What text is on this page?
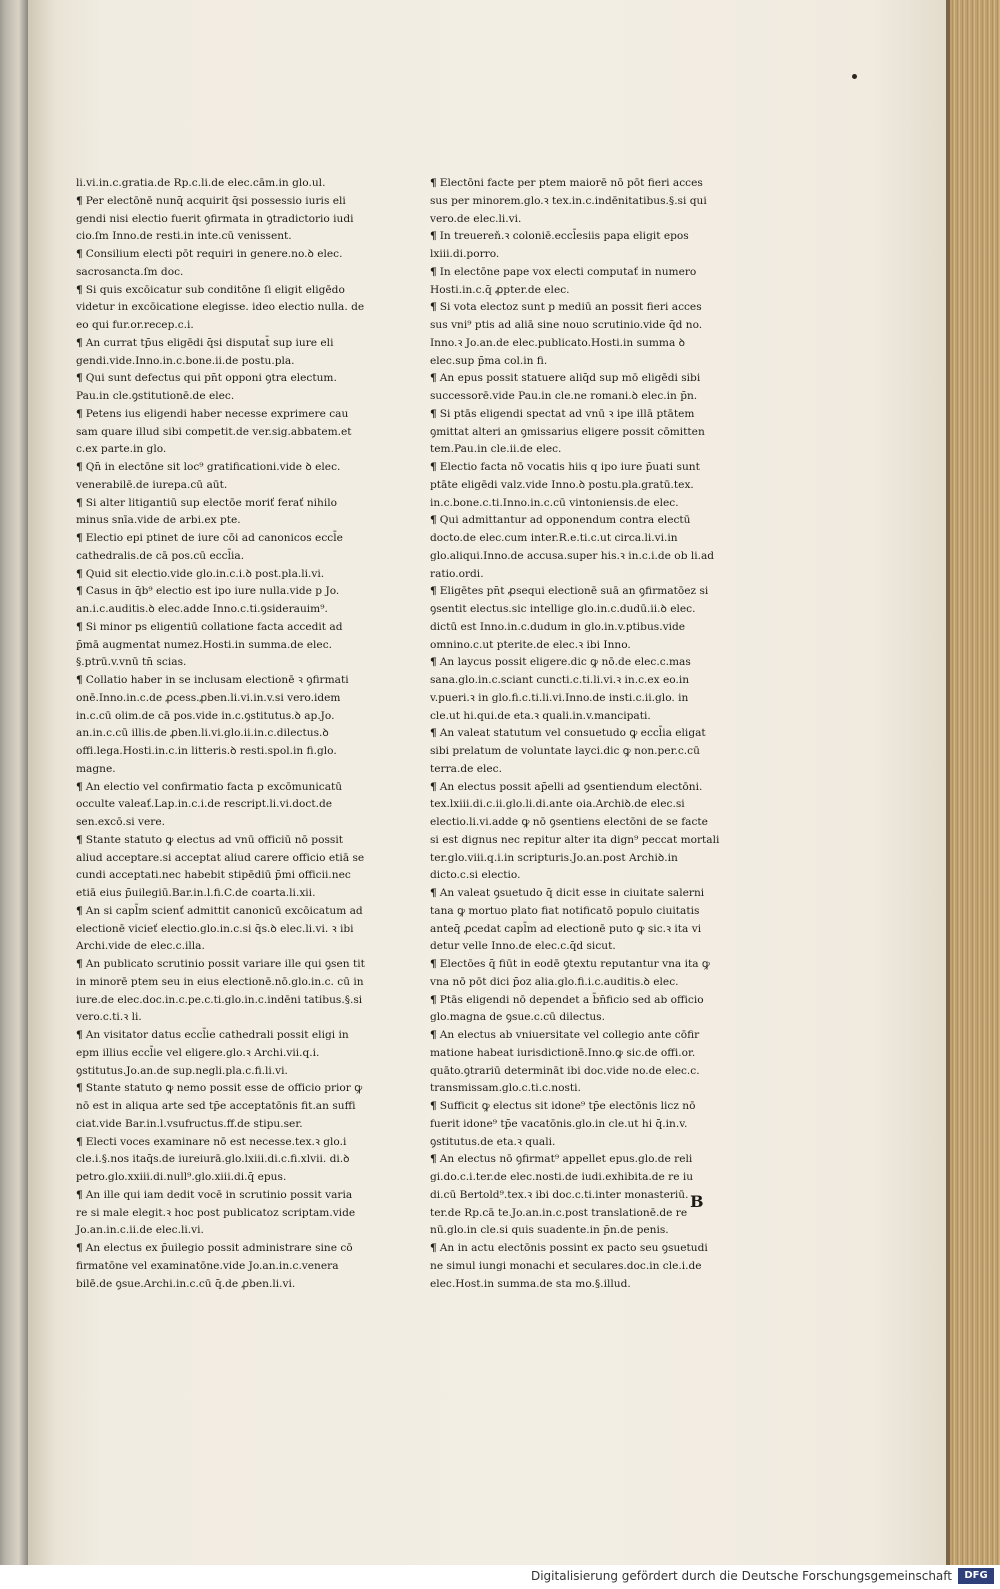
li.vi.in.c.gratia.de Rp.c.li.de elec.cām.in glo.ul.

¶ Per electōnē nunq̄ acquirit q̄si possessio iuris eli gendi nisi electio fuerit ꝯfirmata in ꝯtradictorio iudi cio.ſm Inno.de resti.in inte.cū venissent.

¶ Consilium electi pōt requiri in genere.no.ꝺ elec. sacrosancta.ſm doc.

¶ Si quis excōicatur sub conditōne ſi eligit eligēdo videtur in excōicatione elegisse. ideo electio nulla. de eo qui fur.or.recep.c.i.

¶ An currat tp̄us eligēdi q̄si disputat̄ sup iure eli gendi.vide.Inno.in.c.bone.ii.de postu.pla.

¶ Qui sunt defectus qui pn̄t opponi ꝯtra electum. Pau.in cle.ꝯstitutionē.de elec.

¶ Petens ius eligendi haber necesse exprimere cau sam quare illud sibi competit.de ver.sig.abbatem.et c.ex parte.in glo.

¶ Qn̄ in electōne sit loc⁹ gratificationi.vide ꝺ elec. venerabilē.de iurepa.cū aūt.

¶ Si alter litigantiū sup electōe moriť ferať nihilo minus snīa.vide de arbi.ex pte.

¶ Electio epi ptinet de iure cōi ad canonicos eccl̄e cathedralis.de cā pos.cū eccl̄ia.

¶ Quid sit electio.vide glo.in.c.i.ꝺ post.pla.li.vi.

¶ Casus in q̄b⁹ electio est ipo iure nulla.vide p Jo. an.i.c.auditis.ꝺ elec.adde Inno.c.ti.ꝯsiderauim⁹.

¶ Si minor ps eligentiū collatione facta accedit ad p̄mā augmentat numez.Hosti.in summa.de elec. §.ptrū.v.vnū tn̄ scias.

¶ Collatio haber in se inclusam electionē ꝛ ꝯfirmati onē.Inno.in.c.de ꝓcess.ꝓben.li.vi.in.v.si vero.idem in.c.cū olim.de cā pos.vide in.c.ꝯstitutus.ꝺ ap.Jo. an.in.c.cū illis.de ꝓben.li.vi.glo.ii.in.c.dilectus.ꝺ offi.lega.Hosti.in.c.in litteris.ꝺ resti.spol.in fi.glo. magne.

¶ An electio vel confirmatio facta p excōmunicatū occulte valeať.Lap.in.c.i.de rescript.li.vi.doct.de sen.excō.si vere.

¶ Stante statuto ꝙ electus ad vnū officiū nō possit aliud acceptare.si acceptat aliud carere officio etiā se cundi acceptati.nec habebit stipēdiū p̄mi officii.nec etiā eius p̄uilegiū.Bar.in.l.fi.C.de coarta.li.xii.

¶ An si capl̄m scienť admittit canonicū excōicatum ad electionē vicieť electio.glo.in.c.si q̄s.ꝺ elec.li.vi. ꝛ ibi Archi.vide de elec.c.illa.

¶ An publicato scrutinio possit variare ille qui ꝯsen tit in minorē ptem seu in eius electionē.nō.glo.in.c. cū in iure.de elec.doc.in.c.pe.c.ti.glo.in.c.indēni tatibus.§.si vero.c.ti.ꝛ li.

¶ An visitator datus eccl̄ie cathedrali possit eligi in epm illius eccl̄ie vel eligere.glo.ꝛ Archi.vii.q.i. ꝯstitutus.Jo.an.de sup.negli.pla.c.fi.li.vi.

¶ Stante statuto ꝙ nemo possit esse de officio prior ꝙ nō est in aliqua arte sed tp̄e acceptatōnis fit.an suffi ciat.vide Bar.in.l.vsufructus.ff.de stipu.ser.

¶ Electi voces examinare nō est necesse.tex.ꝛ glo.i cle.i.§.nos itaq̄s.de iureiurā.glo.lxiii.di.c.fi.xlvii. di.ꝺ petro.glo.xxiii.di.null⁹.glo.xiii.di.q̄ epus.

¶ An ille qui iam dedit vocē in scrutinio possit varia re si male elegit.ꝛ hoc post publicatoz scriptam.vide Jo.an.in.c.ii.de elec.li.vi.

¶ An electus ex p̄uilegio possit administrare sine cō firmatōne vel examinatōne.vide Jo.an.in.c.venera bilē.de ꝯsue.Archi.in.c.cū q̄.de ꝓben.li.vi.

¶ Electōni facte per ptem maiorē nō pōt fieri acces sus per minorem.glo.ꝛ tex.in.c.indēnitatibus.§.si qui vero.de elec.li.vi.

¶ In treuereň.ꝛ coloniē.eccl̄esiis papa eligit epos lxiii.di.porro.

¶ In electōne pape vox electi computať in numero Hosti.in.c.q̄ ꝓpter.de elec.

¶ Si vota electoz sunt p mediū an possit fieri acces sus vni⁹ ptis ad aliā sine nouo scrutinio.vide q̄d no. Inno.ꝛ Jo.an.de elec.publicato.Hosti.in summa ꝺ elec.sup p̄ma col.in fi.

¶ An epus possit statuere aliq̄d sup mō eligēdi sibi successorē.vide Pau.in cle.ne romani.ꝺ elec.in p̄n.

¶ Si ptās eligendi spectat ad vnū ꝛ ipe illā ptātem ꝯmittat alteri an ꝯmissarius eligere possit cōmitten tem.Pau.in cle.ii.de elec.

¶ Electio facta nō vocatis hiis q ipo iure p̄uati sunt ptāte eligēdi valz.vide Inno.ꝺ postu.pla.gratū.tex. in.c.bone.c.ti.Inno.in.c.cū vintoniensis.de elec.

¶ Qui admittantur ad opponendum contra electū docto.de elec.cum inter.R.e.ti.c.ut circa.li.vi.in glo.aliqui.Inno.de accusa.super his.ꝛ in.c.i.de ob li.ad ratio.ordi.

¶ Eligētes pn̄t ꝓsequi electionē suā an ꝯfirmatōez si ꝯsentit electus.sic intellige glo.in.c.dudū.ii.ꝺ elec. dictū est Inno.in.c.dudum in glo.in.v.ptibus.vide omnino.c.ut pterite.de elec.ꝛ ibi Inno.

¶ An laycus possit eligere.dic ꝙ nō.de elec.c.mas sana.glo.in.c.sciant cuncti.c.ti.li.vi.ꝛ in.c.ex eo.in v.pueri.ꝛ in glo.fi.c.ti.li.vi.Inno.de insti.c.ii.glo. in cle.ut hi.qui.de eta.ꝛ quali.in.v.mancipati.

¶ An valeat statutum vel consuetudo ꝙ eccl̄ia eligat sibi prelatum de voluntate layci.dic ꝙ non.per.c.cū terra.de elec.

¶ An electus possit ap̄elli ad ꝯsentiendum electōni. tex.lxiii.di.c.ii.glo.li.di.ante oia.Archiꝺ.de elec.si electio.li.vi.adde ꝙ nō ꝯsentiens electōni de se facte si est dignus nec repitur alter ita dign⁹ peccat mortali ter.glo.viii.q.i.in scripturis.Jo.an.post Archiꝺ.in dicto.c.si electio.

¶ An valeat ꝯsuetudo q̄ dicit esse in ciuitate salerni tana ꝙ mortuo plato fiat notificatō populo ciuitatis anteq̄ ꝓcedat capl̄m ad electionē puto ꝙ sic.ꝛ ita vi detur velle Inno.de elec.c.q̄d sicut.

¶ Electōes q̄ fiūt in eodē ꝯtextu reputantur vna ita ꝙ vna nō pōt dici p̄oz alia.glo.fi.i.c.auditis.ꝺ elec.

¶ Ptās eligendi nō dependet a b̄n̄ficio sed ab officio glo.magna de ꝯsue.c.cū dilectus.

¶ An electus ab vniuersitate vel collegio ante cōfir matione habeat iurisdictionē.Inno.ꝙ sic.de offi.or. quāto.ꝯtrariū determināt ibi doc.vide no.de elec.c. transmissam.glo.c.ti.c.nosti.

¶ Sufficit ꝙ electus sit idone⁹ tp̄e electōnis licz nō fuerit idone⁹ tp̄e vacatōnis.glo.in cle.ut hi q̄.in.v. ꝯstitutus.de eta.ꝛ quali.

¶ An electus nō ꝯfirmat⁹ appellet epus.glo.de reli gi.do.c.i.ter.de elec.nosti.de iudi.exhibita.de re iu di.cū Bertold⁹.tex.ꝛ ibi doc.c.ti.inter monasteriū. ter.de Rp.cā te.Jo.an.in.c.post translationē.de re nū.glo.in cle.si quis suadente.in p̄n.de penis.

¶ An in actu electōnis possint ex pacto seu ꝯsuetudi ne simul iungi monachi et seculares.doc.in cle.i.de elec.Host.in summa.de sta mo.§.illud.

B
Digitalisierung gefördert durch die Deutsche Forschungsgemeinschaft	DFG
